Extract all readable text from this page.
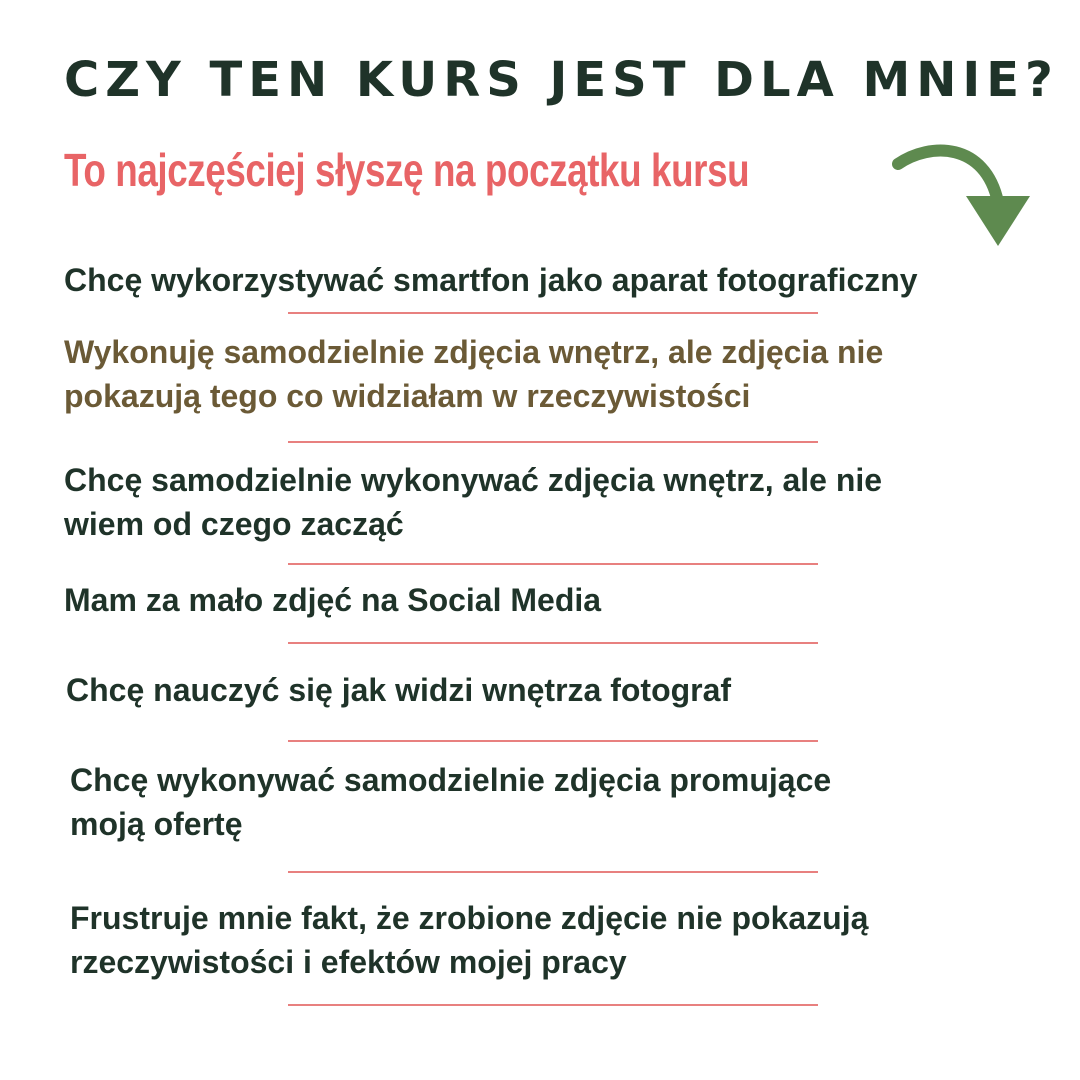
CZY TEN KURS JEST DLA MNIE?
To najczęściej słyszę na początku kursu
Chcę wykorzystywać smartfon jako aparat fotograficzny
Wykonuję samodzielnie zdjęcia wnętrz, ale zdjęcia nie
pokazują tego co widziałam w rzeczywistości
Chcę samodzielnie wykonywać zdjęcia wnętrz, ale nie
wiem od czego zacząć
Mam za mało zdjęć na Social Media
Chcę nauczyć się jak widzi wnętrza fotograf
Chcę wykonywać samodzielnie zdjęcia promujące
moją ofertę
Frustruje mnie fakt, że zrobione zdjęcie nie pokazują
rzeczywistości i efektów mojej pracy
